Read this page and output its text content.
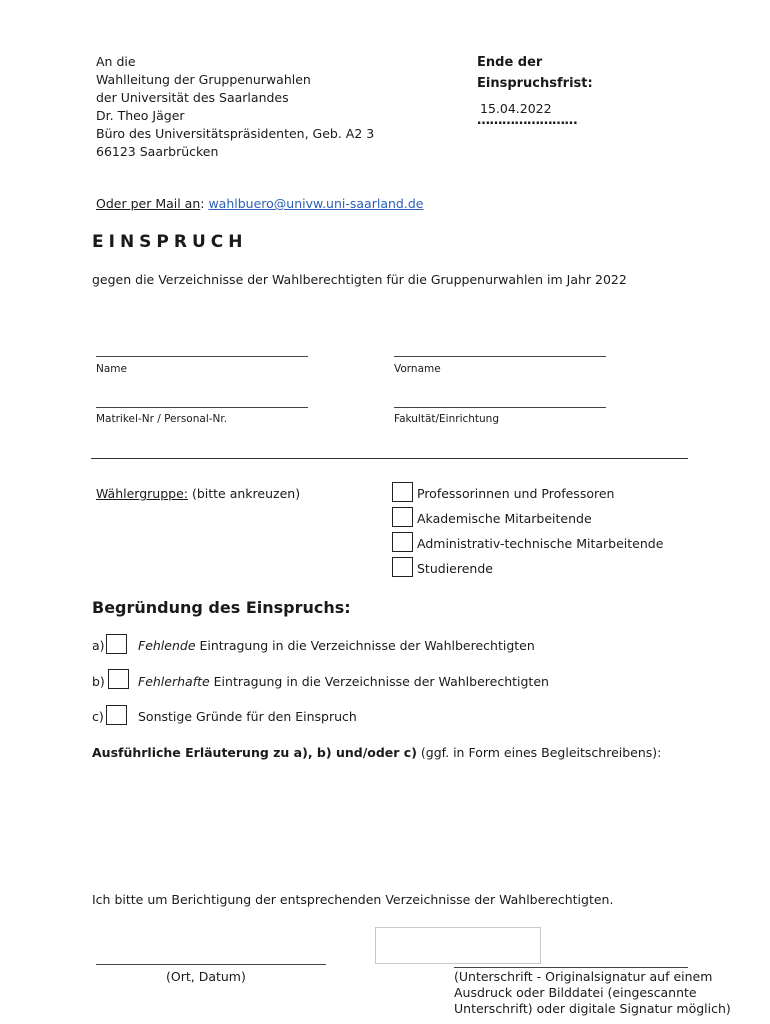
An die
Wahlleitung der Gruppenurwahlen
der Universität des Saarlandes
Dr. Theo Jäger
Büro des Universitätspräsidenten, Geb. A2 3
66123 Saarbrücken
Ende der
Einspruchsfrist:
15.04.2022
……………………
Oder per Mail an: wahlbuero@univw.uni-saarland.de
EINSPRUCH
gegen die Verzeichnisse der Wahlberechtigten für die Gruppenurwahlen im Jahr 2022
Name	Vorname
Matrikel-Nr / Personal-Nr.	Fakultät/Einrichtung
Wählergruppe: (bitte ankreuzen)	Professorinnen und Professoren
Akademische Mitarbeitende
Administrativ-technische Mitarbeitende
Studierende
Begründung des Einspruchs:
a)	Fehlende Eintragung in die Verzeichnisse der Wahlberechtigten
b)	Fehlerhafte Eintragung in die Verzeichnisse der Wahlberechtigten
c)	Sonstige Gründe für den Einspruch
Ausführliche Erläuterung zu a), b) und/oder c) (ggf. in Form eines Begleitschreibens):
Ich bitte um Berichtigung der entsprechenden Verzeichnisse der Wahlberechtigten.
(Ort, Datum)	(Unterschrift - Originalsignatur auf einem
Ausdruck oder Bilddatei (eingescannte
Unterschrift) oder digitale Signatur möglich)
